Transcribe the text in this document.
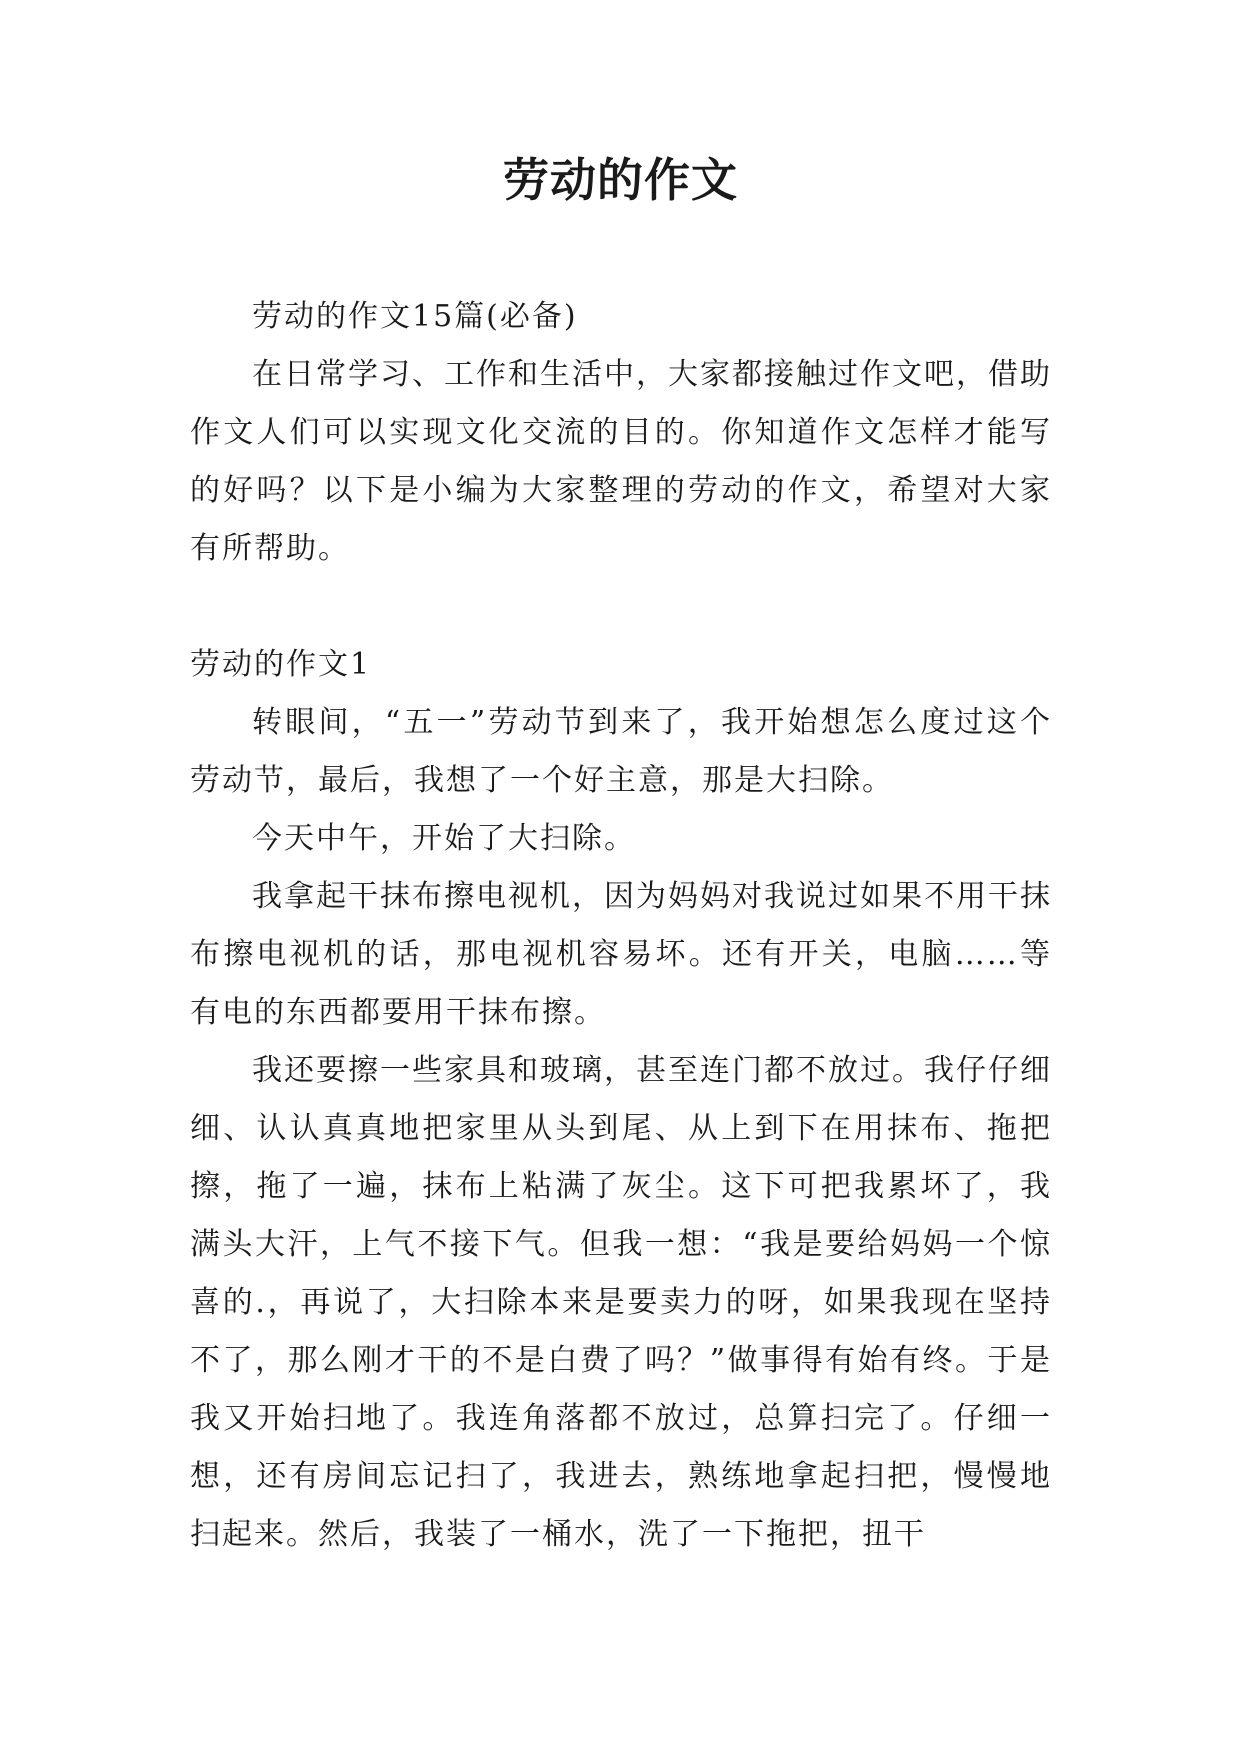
劳动的作文

劳动的作文15篇(必备)

在日常学习、工作和生活中，大家都接触过作文吧，借助作文人们可以实现文化交流的目的。你知道作文怎样才能写的好吗？以下是小编为大家整理的劳动的作文，希望对大家有所帮助。

劳动的作文1

转眼间，“五一”劳动节到来了，我开始想怎么度过这个劳动节，最后，我想了一个好主意，那是大扫除。

今天中午，开始了大扫除。

我拿起干抹布擦电视机，因为妈妈对我说过如果不用干抹布擦电视机的话，那电视机容易坏。还有开关，电脑……等有电的东西都要用干抹布擦。

我还要擦一些家具和玻璃，甚至连门都不放过。我仔仔细细、认认真真地把家里从头到尾、从上到下在用抹布、拖把擦，拖了一遍，抹布上粘满了灰尘。这下可把我累坏了，我满头大汗，上气不接下气。但我一想：“我是要给妈妈一个惊喜的.，再说了，大扫除本来是要卖力的呀，如果我现在坚持不了，那么刚才干的不是白费了吗？”做事得有始有终。于是我又开始扫地了。我连角落都不放过，总算扫完了。仔细一想，还有房间忘记扫了，我进去，熟练地拿起扫把，慢慢地扫起来。然后，我装了一桶水，洗了一下拖把，扭干
